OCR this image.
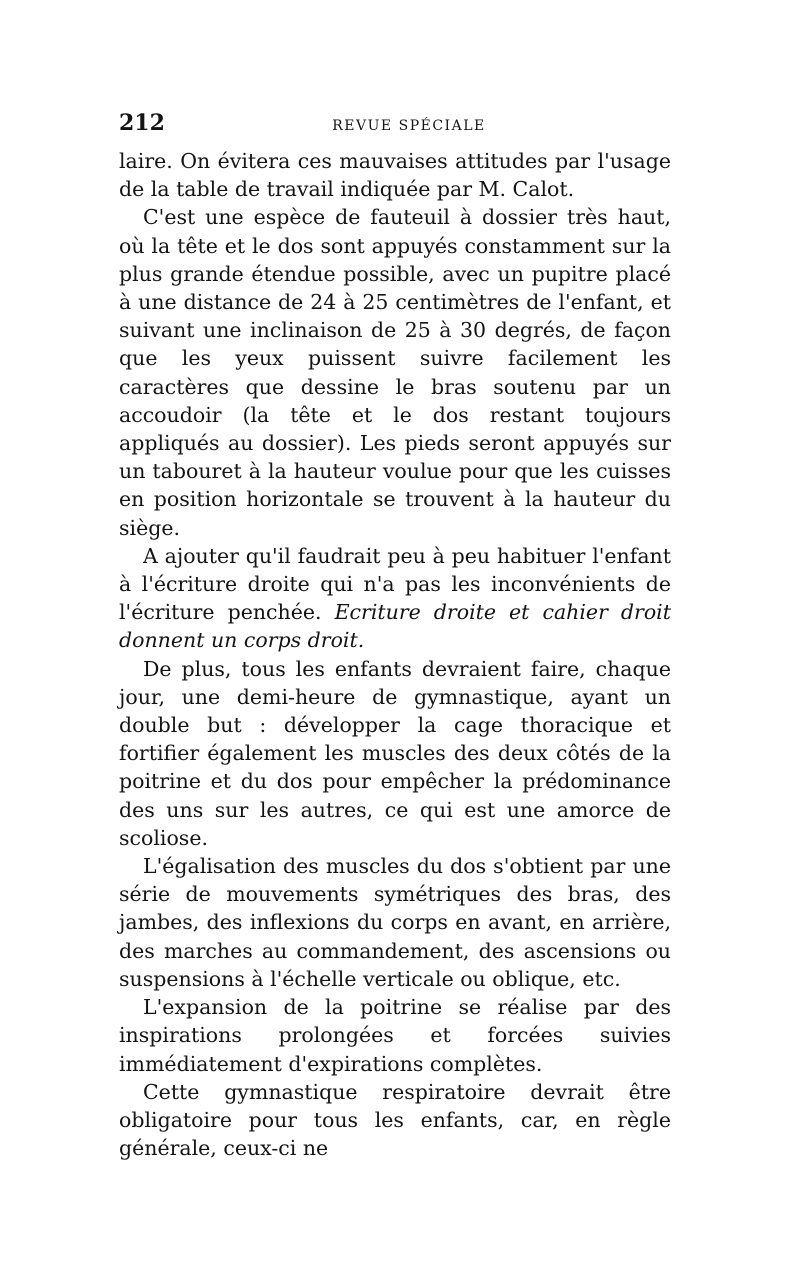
212	REVUE SPÉCIALE

laire. On évitera ces mauvaises attitudes par l'usage de la table de travail indiquée par M. Calot.

C'est une espèce de fauteuil à dossier très haut, où la tête et le dos sont appuyés constamment sur la plus grande étendue possible, avec un pupitre placé à une distance de 24 à 25 centimètres de l'enfant, et suivant une inclinaison de 25 à 30 degrés, de façon que les yeux puissent suivre facilement les caractères que dessine le bras soutenu par un accoudoir (la tête et le dos restant toujours appliqués au dossier). Les pieds seront appuyés sur un tabouret à la hauteur voulue pour que les cuisses en position horizontale se trouvent à la hauteur du siège.

A ajouter qu'il faudrait peu à peu habituer l'enfant à l'écriture droite qui n'a pas les inconvénients de l'écriture penchée. Ecriture droite et cahier droit donnent un corps droit.

De plus, tous les enfants devraient faire, chaque jour, une demi-heure de gymnastique, ayant un double but : développer la cage thoracique et fortifier également les muscles des deux côtés de la poitrine et du dos pour empêcher la prédominance des uns sur les autres, ce qui est une amorce de scoliose.

L'égalisation des muscles du dos s'obtient par une série de mouvements symétriques des bras, des jambes, des inflexions du corps en avant, en arrière, des marches au commandement, des ascensions ou suspensions à l'échelle verticale ou oblique, etc.

L'expansion de la poitrine se réalise par des inspirations prolongées et forcées suivies immédiatement d'expirations complètes.

Cette gymnastique respiratoire devrait être obligatoire pour tous les enfants, car, en règle générale, ceux-ci ne
